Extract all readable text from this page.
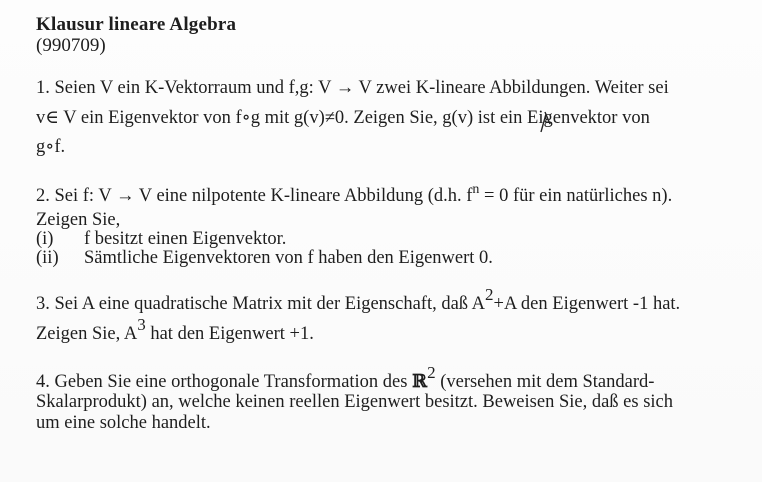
Klausur lineare Algebra
(990709)
1. Seien V ein K-Vektorraum und f,g: V → V zwei K-lineare Abbildungen. Weiter sei
v∈ V ein Eigenvektor von f∘g mit g(v)≠0. Zeigen Sie, g(v) ist ein Eigenvektor von
g∘f.
2. Sei f: V → V eine nilpotente K-lineare Abbildung (d.h. $f^n = 0$ für ein natürliches n).
Zeigen Sie,
(i) f besitzt einen Eigenvektor.
(ii) Sämtliche Eigenvektoren von f haben den Eigenwert 0.
3. Sei A eine quadratische Matrix mit der Eigenschaft, daß A2+A den Eigenwert -1 hat.
Zeigen Sie, A3 hat den Eigenwert +1.
4. Geben Sie eine orthogonale Transformation des ℝ2 (versehen mit dem Standard-
Skalarprodukt) an, welche keinen reellen Eigenwert besitzt. Beweisen Sie, daß es sich
um eine solche handelt.
